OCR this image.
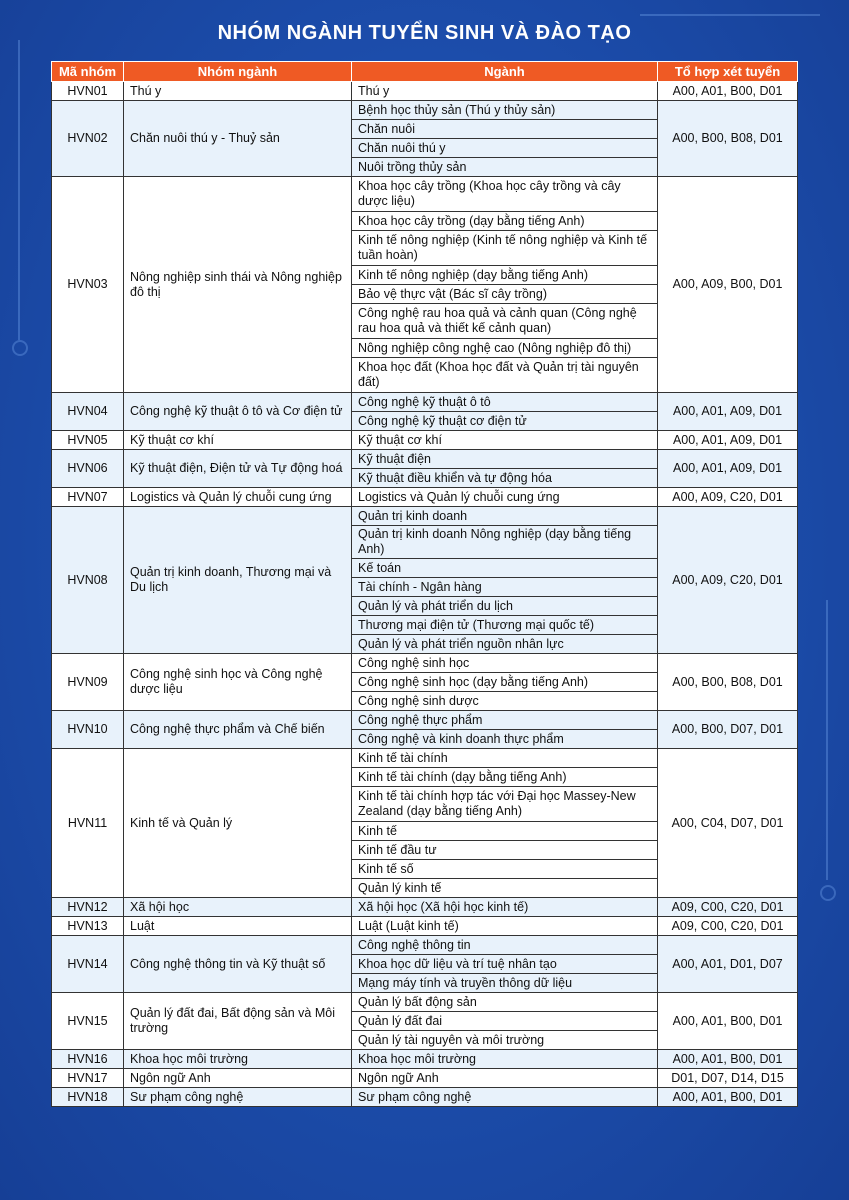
NHÓM NGÀNH TUYỂN SINH VÀ ĐÀO TẠO
Mã nhóm	Nhóm ngành	Ngành	Tổ hợp xét tuyển
HVN01	Thú y	Thú y	A00, A01, B00, D01
HVN02	Chăn nuôi thú y - Thuỷ sản	Bệnh học thủy sản (Thú y thủy sản)	A00, B00, B08, D01
		Chăn nuôi	
		Chăn nuôi thú y	
		Nuôi trồng thủy sản	
HVN03	Nông nghiệp sinh thái và Nông nghiệp đô thị	Khoa học cây trồng (Khoa học cây trồng và cây dược liệu)	A00, A09, B00, D01
		Khoa học cây trồng (dạy bằng tiếng Anh)	
		Kinh tế nông nghiệp (Kinh tế nông nghiệp và Kinh tế tuần hoàn)	
		Kinh tế nông nghiệp (dạy bằng tiếng Anh)	
		Bảo vệ thực vật (Bác sĩ cây trồng)	
		Công nghệ rau hoa quả và cảnh quan (Công nghệ rau hoa quả và thiết kế cảnh quan)	
		Nông nghiệp công nghệ cao (Nông nghiệp đô thị)	
		Khoa học đất (Khoa học đất và Quản trị tài nguyên đất)	
HVN04	Công nghệ kỹ thuật ô tô và Cơ điện tử	Công nghệ kỹ thuật ô tô	A00, A01, A09, D01
		Công nghệ kỹ thuật cơ điện tử	
HVN05	Kỹ thuật cơ khí	Kỹ thuật cơ khí	A00, A01, A09, D01
HVN06	Kỹ thuật điện, Điện tử và Tự động hoá	Kỹ thuật điện	A00, A01, A09, D01
		Kỹ thuật điều khiển và tự động hóa	
HVN07	Logistics và Quản lý chuỗi cung ứng	Logistics và Quản lý chuỗi cung ứng	A00, A09, C20, D01
HVN08	Quản trị kinh doanh, Thương mại và Du lịch	Quản trị kinh doanh	A00, A09, C20, D01
		Quản trị kinh doanh Nông nghiệp (dạy bằng tiếng Anh)	
		Kế toán	
		Tài chính - Ngân hàng	
		Quản lý và phát triển du lịch	
		Thương mại điện tử (Thương mại quốc tế)	
		Quản lý và phát triển nguồn nhân lực	
HVN09	Công nghệ sinh học và Công nghệ dược liệu	Công nghệ sinh học	A00, B00, B08, D01
		Công nghệ sinh học (dạy bằng tiếng Anh)	
		Công nghệ sinh dược	
HVN10	Công nghệ thực phẩm và Chế biến	Công nghệ thực phẩm	A00, B00, D07, D01
		Công nghệ và kinh doanh thực phẩm	
HVN11	Kinh tế và Quản lý	Kinh tế tài chính	A00, C04, D07, D01
		Kinh tế tài chính (dạy bằng tiếng Anh)	
		Kinh tế tài chính hợp tác với Đại học Massey-New Zealand (dạy bằng tiếng Anh)	
		Kinh tế	
		Kinh tế đầu tư	
		Kinh tế số	
		Quản lý kinh tế	
HVN12	Xã hội học	Xã hội học (Xã hội học kinh tế)	A09, C00, C20, D01
HVN13	Luật	Luật (Luật kinh tế)	A09, C00, C20, D01
HVN14	Công nghệ thông tin và Kỹ thuật số	Công nghệ thông tin	A00, A01, D01, D07
		Khoa học dữ liệu và trí tuệ nhân tạo	
		Mạng máy tính và truyền thông dữ liệu	
HVN15	Quản lý đất đai, Bất động sản và Môi trường	Quản lý bất động sản	A00, A01, B00, D01
		Quản lý đất đai	
		Quản lý tài nguyên và môi trường	
HVN16	Khoa học môi trường	Khoa học môi trường	A00, A01, B00, D01
HVN17	Ngôn ngữ Anh	Ngôn ngữ Anh	D01, D07, D14, D15
HVN18	Sư phạm công nghệ	Sư phạm công nghệ	A00, A01, B00, D01
